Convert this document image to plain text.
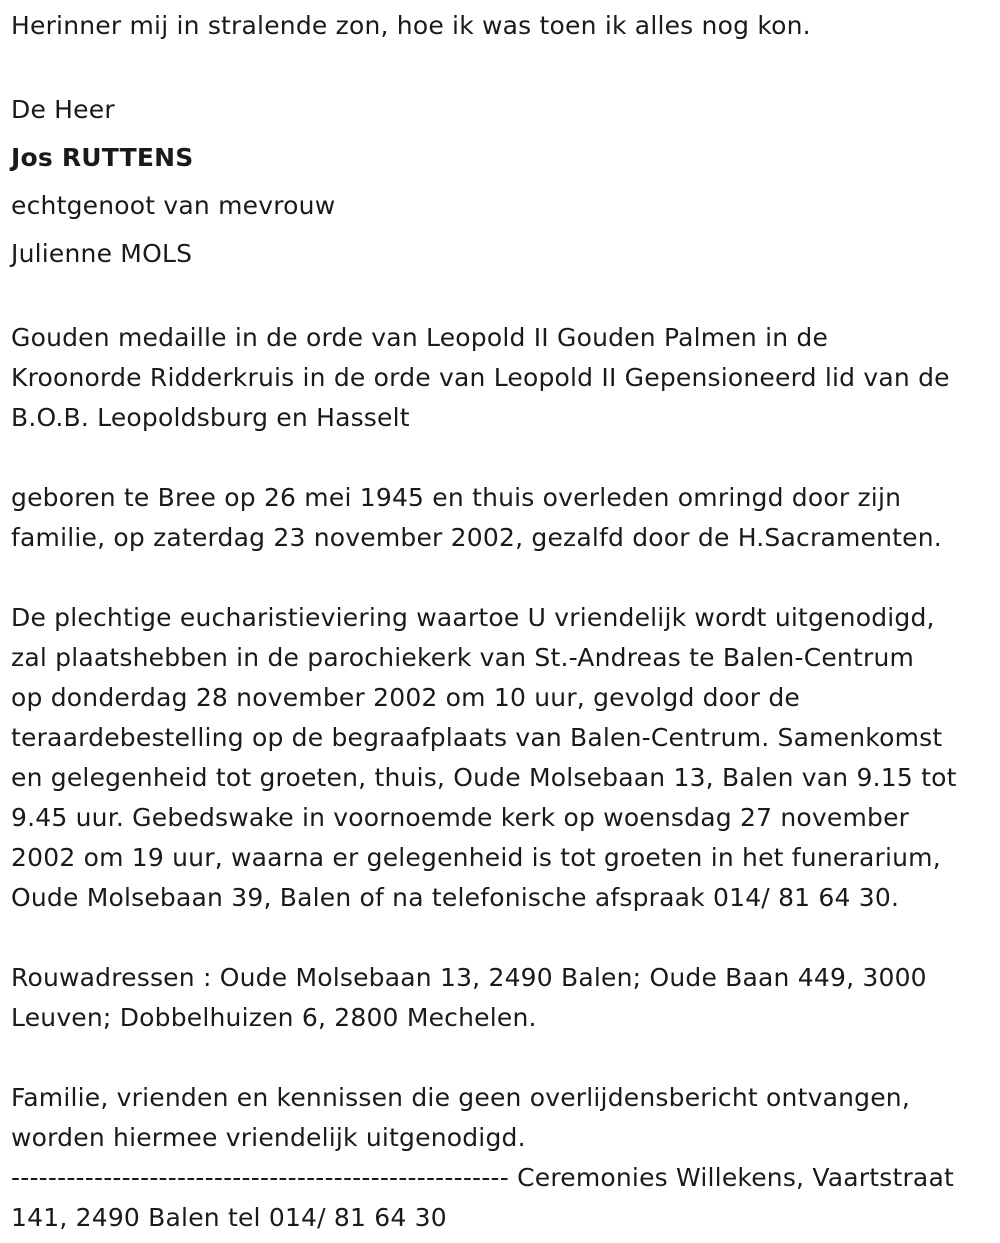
Herinner mij in stralende zon, hoe ik was toen ik alles nog kon.

De Heer

Jos RUTTENS

echtgenoot van mevrouw

Julienne MOLS

Gouden medaille in de orde van Leopold II Gouden Palmen in de

Kroonorde Ridderkruis in de orde van Leopold II Gepensioneerd lid van de

B.O.B. Leopoldsburg en Hasselt

geboren te Bree op 26 mei 1945 en thuis overleden omringd door zijn

familie, op zaterdag 23 november 2002, gezalfd door de H.Sacramenten.

De plechtige eucharistieviering waartoe U vriendelijk wordt uitgenodigd,

zal plaatshebben in de parochiekerk van St.-Andreas te Balen-Centrum

op donderdag 28 november 2002 om 10 uur, gevolgd door de

teraardebestelling op de begraafplaats van Balen-Centrum. Samenkomst

en gelegenheid tot groeten, thuis, Oude Molsebaan 13, Balen van 9.15 tot

9.45 uur. Gebedswake in voornoemde kerk op woensdag 27 november

2002 om 19 uur, waarna er gelegenheid is tot groeten in het funerarium,

Oude Molsebaan 39, Balen of na telefonische afspraak 014/ 81 64 30.

Rouwadressen : Oude Molsebaan 13, 2490 Balen; Oude Baan 449, 3000

Leuven; Dobbelhuizen 6, 2800 Mechelen.

Familie, vrienden en kennissen die geen overlijdensbericht ontvangen,

worden hiermee vriendelijk uitgenodigd.

------------------------------------------------------ Ceremonies Willekens, Vaartstraat

141, 2490 Balen tel 014/ 81 64 30
